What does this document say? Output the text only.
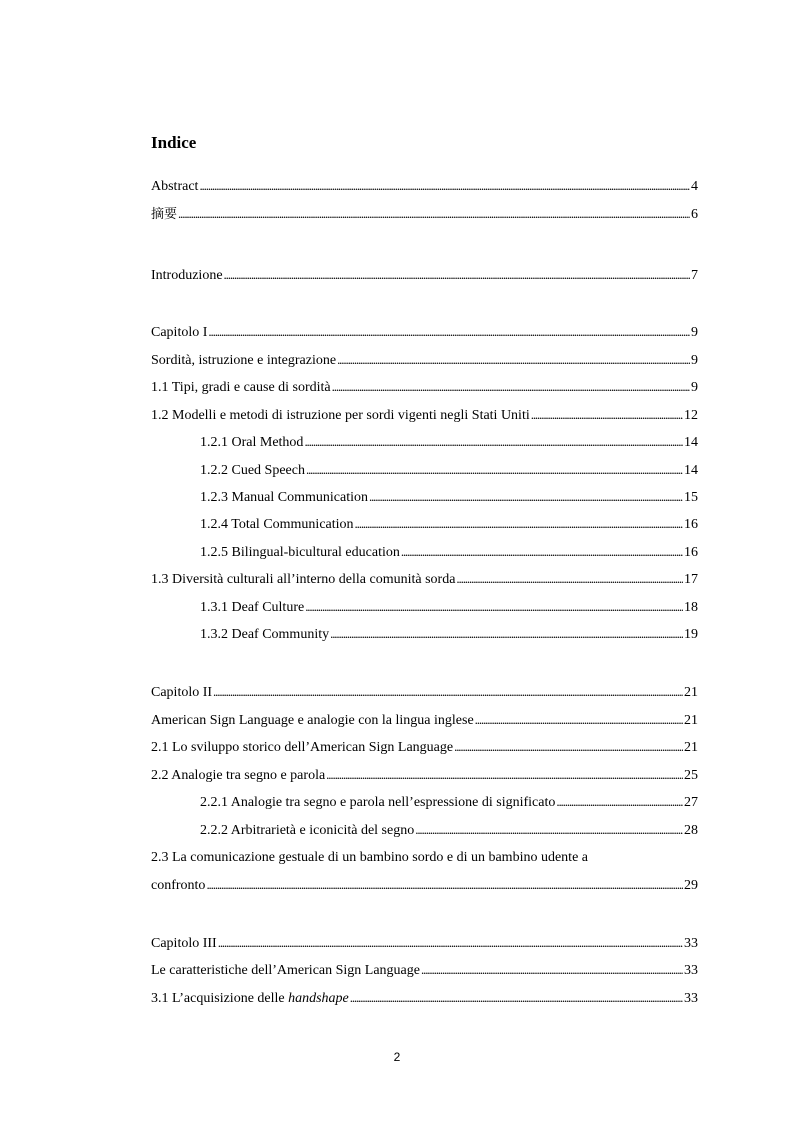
Indice
Abstract . . .	4
摘要 . . .	6
Introduzione . . .	7
Capitolo I . . .	9
Sordità, istruzione e integrazione . . .	9
1.1 Tipi, gradi e cause di sordità . . .	9
1.2 Modelli e metodi di istruzione per sordi vigenti negli Stati Uniti . . .	12
1.2.1 Oral Method . . .	14
1.2.2 Cued Speech . . .	14
1.2.3 Manual Communication . . .	15
1.2.4 Total Communication . . .	16
1.2.5 Bilingual-bicultural education . . .	16
1.3 Diversità culturali all’interno della comunità sorda . . .	17
1.3.1 Deaf Culture . . .	18
1.3.2 Deaf Community . . .	19
Capitolo II . . .	21
American Sign Language e analogie con la lingua inglese . . .	21
2.1 Lo sviluppo storico dell’American Sign Language . . .	21
2.2 Analogie tra segno e parola . . .	25
2.2.1 Analogie tra segno e parola nell’espressione di significato . . .	27
2.2.2 Arbitrarietà e iconicità del segno . . .	28
2.3 La comunicazione gestuale di un bambino sordo e di un bambino udente a
confronto . . .	29
Capitolo III . . .	33
Le caratteristiche dell’American Sign Language . . .	33
3.1 L’acquisizione delle handshape . . .	33
2
